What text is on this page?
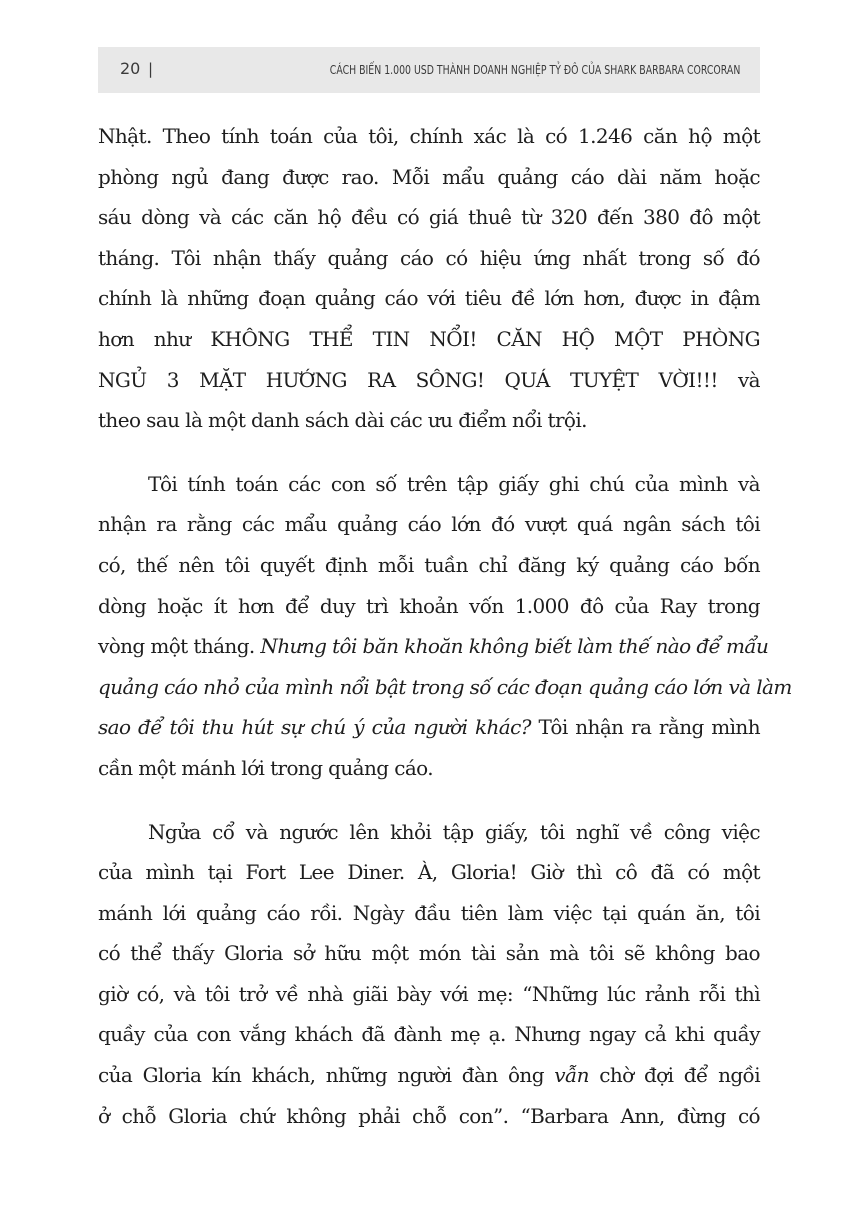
20 |	CÁCH BIẾN 1.000 USD THÀNH DOANH NGHIỆP TỶ ĐÔ CỦA SHARK BARBARA CORCORAN

Nhật. Theo tính toán của tôi, chính xác là có 1.246 căn hộ một
phòng ngủ đang được rao. Mỗi mẩu quảng cáo dài năm hoặc
sáu dòng và các căn hộ đều có giá thuê từ 320 đến 380 đô một
tháng. Tôi nhận thấy quảng cáo có hiệu ứng nhất trong số đó
chính là những đoạn quảng cáo với tiêu đề lớn hơn, được in đậm
hơn như KHÔNG THỂ TIN NỔI! CĂN HỘ MỘT PHÒNG
NGỦ 3 MẶT HƯỚNG RA SÔNG! QUÁ TUYỆT VỜI!!! và
theo sau là một danh sách dài các ưu điểm nổi trội.

Tôi tính toán các con số trên tập giấy ghi chú của mình và
nhận ra rằng các mẩu quảng cáo lớn đó vượt quá ngân sách tôi
có, thế nên tôi quyết định mỗi tuần chỉ đăng ký quảng cáo bốn
dòng hoặc ít hơn để duy trì khoản vốn 1.000 đô của Ray trong
vòng một tháng. Nhưng tôi băn khoăn không biết làm thế nào để mẩu
quảng cáo nhỏ của mình nổi bật trong số các đoạn quảng cáo lớn và làm
sao để tôi thu hút sự chú ý của người khác? Tôi nhận ra rằng mình
cần một mánh lới trong quảng cáo.

Ngửa cổ và ngước lên khỏi tập giấy, tôi nghĩ về công việc
của mình tại Fort Lee Diner. À, Gloria! Giờ thì cô đã có một
mánh lới quảng cáo rồi. Ngày đầu tiên làm việc tại quán ăn, tôi
có thể thấy Gloria sở hữu một món tài sản mà tôi sẽ không bao
giờ có, và tôi trở về nhà giãi bày với mẹ: “Những lúc rảnh rỗi thì
quầy của con vắng khách đã đành mẹ ạ. Nhưng ngay cả khi quầy
của Gloria kín khách, những người đàn ông vẫn chờ đợi để ngồi
ở chỗ Gloria chứ không phải chỗ con”. “Barbara Ann, đừng có
